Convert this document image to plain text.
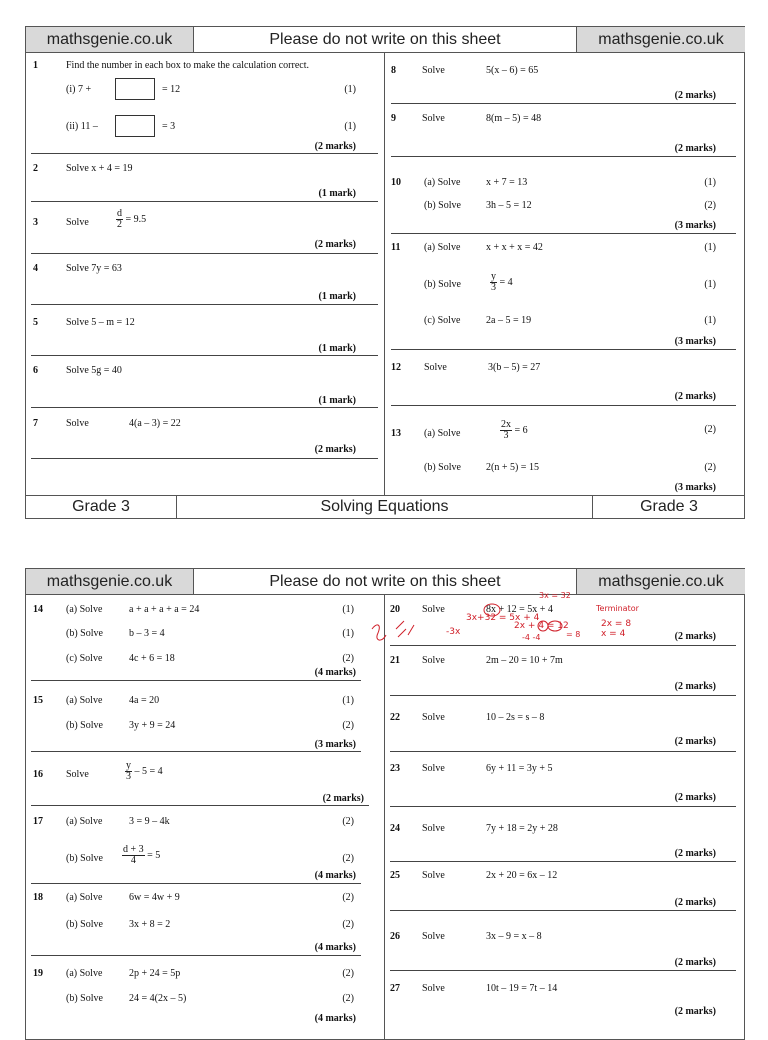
mathsgenie.co.uk	Please do not write on this sheet	mathsgenie.co.uk
1	Find the number in each box to make the calculation correct.
(i) 7 +	= 12	(1)
(ii) 11 –	= 3	(1)
(2 marks)
2	Solve x + 4 = 19
(1 mark)
3	Solve	$\frac{d}{2} = 9.5$
(2 marks)
4	Solve 7y = 63
(1 mark)
5	Solve 5 – m = 12
(1 mark)
6	Solve 5g = 40
(1 mark)
7	Solve	4(a – 3) = 22
(2 marks)
8	Solve	5(x – 6) = 65
(2 marks)
9	Solve	8(m – 5) = 48
(2 marks)
10 (a) Solve	x + 7 = 13	(1)
(b) Solve	3h – 5 = 12	(2)
(3 marks)
11 (a) Solve	x + x + x = 42	(1)
(b) Solve	$\frac{y}{3} = 4$	(1)
(c) Solve	2a – 5 = 19	(1)
(3 marks)
12 Solve	3(b – 5) = 27
(2 marks)
13 (a) Solve	$\frac{2x}{3} = 6$	(2)
(b) Solve	2(n + 5) = 15	(2)
(3 marks)
Grade 3	Solving Equations	Grade 3
mathsgenie.co.uk	Please do not write on this sheet	mathsgenie.co.uk
14 (a) Solve	a + a + a + a = 24	(1)
(b) Solve	b – 3 = 4	(1)
(c) Solve	4c + 6 = 18	(2)
(4 marks)
15 (a) Solve	4a = 20	(1)
(b) Solve	3y + 9 = 24	(2)
(3 marks)
16 Solve	$\frac{y}{3} - 5 = 4$
(2 marks)
17 (a) Solve	3 = 9 – 4k	(2)
(b) Solve $\frac{d + 3}{4} = 5$	(2)
(4 marks)
18 (a) Solve	6w = 4w + 9	(2)
(b) Solve	3x + 8 = 2	(2)
(4 marks)
19 (a) Solve	2p + 24 = 5p	(2)
(b) Solve	24 = 4(2x – 5)	(2)
(4 marks)
20 Solve	8x + 12 = 5x + 4
(2 marks)
21 Solve	2m – 20 = 10 + 7m
(2 marks)
22 Solve	10 – 2s = s – 8
(2 marks)
23 Solve	6y + 11 = 3y + 5
(2 marks)
24 Solve	7y + 18 = 2y + 28
(2 marks)
25 Solve	2x + 20 = 6x – 12
(2 marks)
26 Solve	3x – 9 = x – 8
(2 marks)
27 Solve	10t – 19 = 7t – 14
(2 marks)
3x = 32
3x+32 = 5x + 4
-3x
2x + 4 = 12
-4 -4	= 8
2x = 8
x = 4
Terminator
